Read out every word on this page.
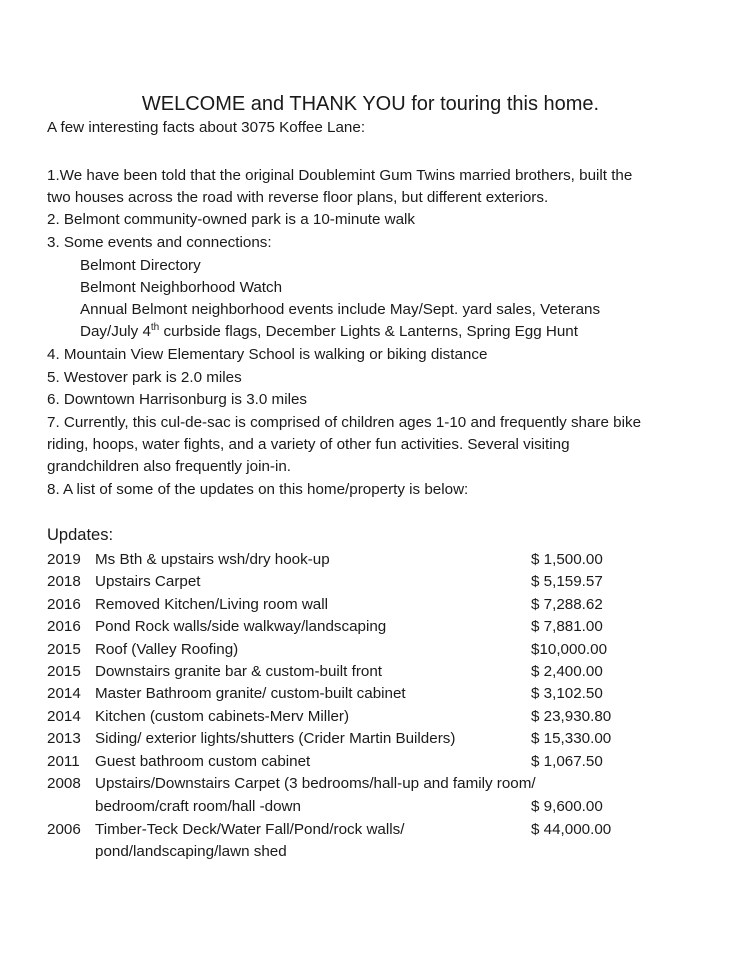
WELCOME and THANK YOU for touring this home.
A few interesting facts about 3075 Koffee Lane:
1.We have been told that the original Doublemint Gum Twins married brothers, built the
two houses across the road with reverse floor plans, but different exteriors.
2. Belmont community-owned park is a 10-minute walk
3. Some events and connections:
Belmont Directory
Belmont Neighborhood Watch
Annual Belmont neighborhood events include May/Sept. yard sales, Veterans
Day/July 4th curbside flags, December Lights & Lanterns, Spring Egg Hunt
4. Mountain View Elementary School is walking or biking distance
5. Westover park is 2.0 miles
6. Downtown Harrisonburg is 3.0 miles
7. Currently, this cul-de-sac is comprised of children ages 1-10 and frequently share bike
riding, hoops, water fights, and a variety of other fun activities. Several visiting
grandchildren also frequently join-in.
8. A list of some of the updates on this home/property is below:
Updates:
2019 Ms Bth & upstairs wsh/dry hook-up	$ 1,500.00
2018 Upstairs Carpet	$ 5,159.57
2016 Removed Kitchen/Living room wall	$ 7,288.62
2016 Pond Rock walls/side walkway/landscaping	$ 7,881.00
2015 Roof (Valley Roofing)	$10,000.00
2015 Downstairs granite bar & custom-built front	$ 2,400.00
2014 Master Bathroom granite/ custom-built cabinet	$ 3,102.50
2014 Kitchen (custom cabinets-Merv Miller)	$ 23,930.80
2013 Siding/ exterior lights/shutters (Crider Martin Builders)	$ 15,330.00
2011 Guest bathroom custom cabinet	$ 1,067.50
2008 Upstairs/Downstairs Carpet (3 bedrooms/hall-up and family room/
bedroom/craft room/hall -down	$ 9,600.00
2006 Timber-Teck Deck/Water Fall/Pond/rock walls/	$ 44,000.00
pond/landscaping/lawn shed
